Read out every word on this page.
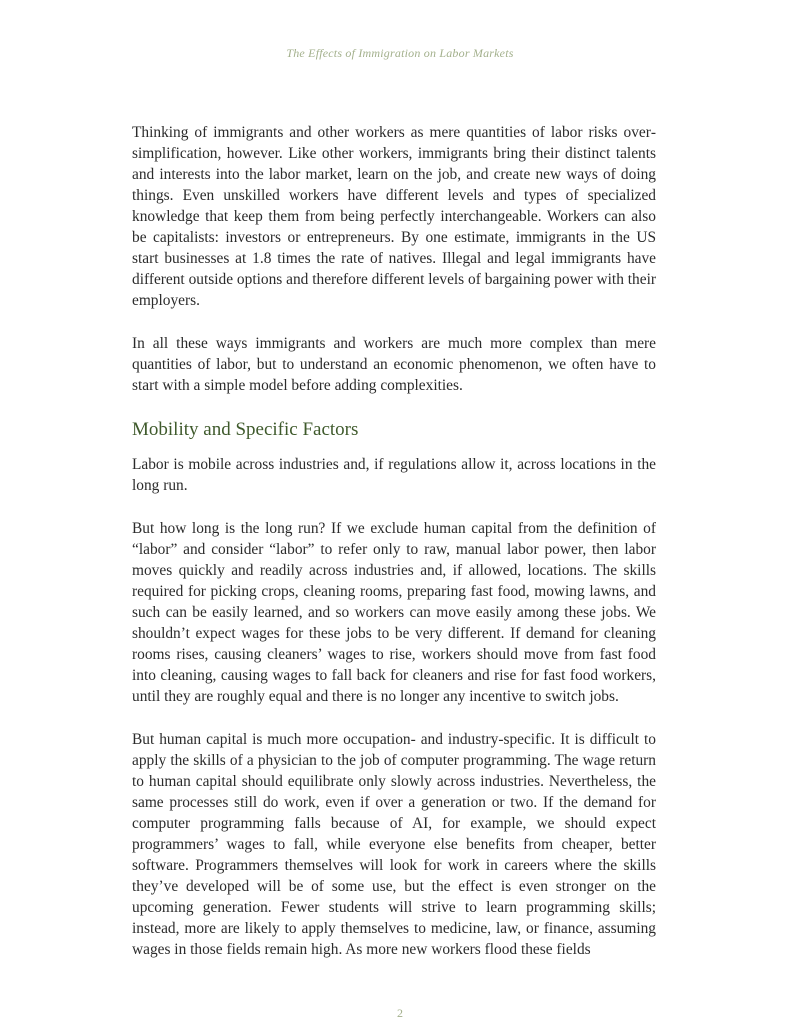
The Effects of Immigration on Labor Markets

Thinking of immigrants and other workers as mere quantities of labor risks oversimplification, however. Like other workers, immigrants bring their distinct talents and interests into the labor market, learn on the job, and create new ways of doing things. Even unskilled workers have different levels and types of specialized knowledge that keep them from being perfectly interchangeable. Workers can also be capitalists: investors or entrepreneurs. By one estimate, immigrants in the US start businesses at 1.8 times the rate of natives. Illegal and legal immigrants have different outside options and therefore different levels of bargaining power with their employers.

In all these ways immigrants and workers are much more complex than mere quantities of labor, but to understand an economic phenomenon, we often have to start with a simple model before adding complexities.

Mobility and Specific Factors

Labor is mobile across industries and, if regulations allow it, across locations in the long run.

But how long is the long run? If we exclude human capital from the definition of “labor” and consider “labor” to refer only to raw, manual labor power, then labor moves quickly and readily across industries and, if allowed, locations. The skills required for picking crops, cleaning rooms, preparing fast food, mowing lawns, and such can be easily learned, and so workers can move easily among these jobs. We shouldn’t expect wages for these jobs to be very different. If demand for cleaning rooms rises, causing cleaners’ wages to rise, workers should move from fast food into cleaning, causing wages to fall back for cleaners and rise for fast food workers, until they are roughly equal and there is no longer any incentive to switch jobs.

But human capital is much more occupation- and industry-specific. It is difficult to apply the skills of a physician to the job of computer programming. The wage return to human capital should equilibrate only slowly across industries. Nevertheless, the same processes still do work, even if over a generation or two. If the demand for computer programming falls because of AI, for example, we should expect programmers’ wages to fall, while everyone else benefits from cheaper, better software. Programmers themselves will look for work in careers where the skills they’ve developed will be of some use, but the effect is even stronger on the upcoming generation. Fewer students will strive to learn programming skills; instead, more are likely to apply themselves to medicine, law, or finance, assuming wages in those fields remain high. As more new workers flood these fields

2
